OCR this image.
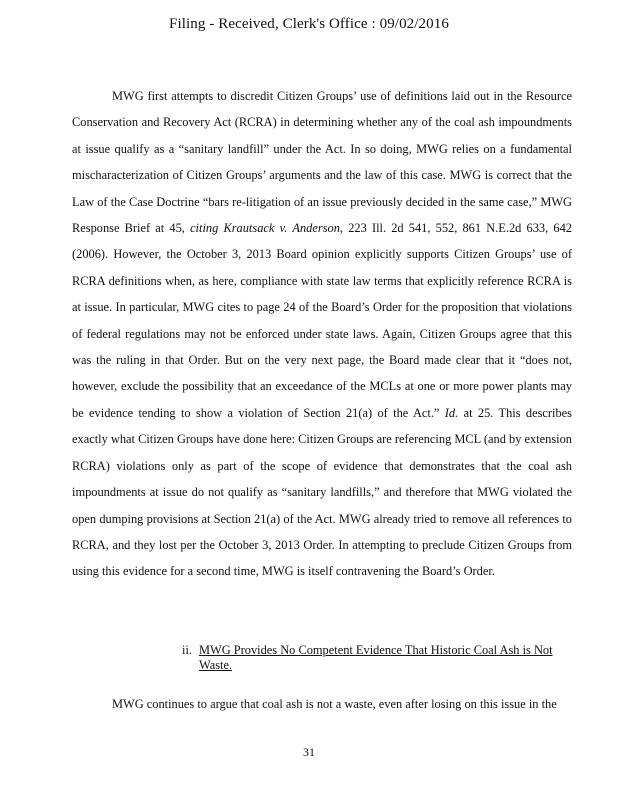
Filing - Received, Clerk's Office : 09/02/2016

MWG first attempts to discredit Citizen Groups’ use of definitions laid out in the Resource Conservation and Recovery Act (RCRA) in determining whether any of the coal ash impoundments at issue qualify as a “sanitary landfill” under the Act. In so doing, MWG relies on a fundamental mischaracterization of Citizen Groups’ arguments and the law of this case. MWG is correct that the Law of the Case Doctrine “bars re-litigation of an issue previously decided in the same case,” MWG Response Brief at 45, citing Krautsack v. Anderson, 223 Ill. 2d 541, 552, 861 N.E.2d 633, 642 (2006). However, the October 3, 2013 Board opinion explicitly supports Citizen Groups’ use of RCRA definitions when, as here, compliance with state law terms that explicitly reference RCRA is at issue. In particular, MWG cites to page 24 of the Board’s Order for the proposition that violations of federal regulations may not be enforced under state laws. Again, Citizen Groups agree that this was the ruling in that Order. But on the very next page, the Board made clear that it “does not, however, exclude the possibility that an exceedance of the MCLs at one or more power plants may be evidence tending to show a violation of Section 21(a) of the Act.” Id. at 25. This describes exactly what Citizen Groups have done here: Citizen Groups are referencing MCL (and by extension RCRA) violations only as part of the scope of evidence that demonstrates that the coal ash impoundments at issue do not qualify as “sanitary landfills,” and therefore that MWG violated the open dumping provisions at Section 21(a) of the Act. MWG already tried to remove all references to RCRA, and they lost per the October 3, 2013 Order. In attempting to preclude Citizen Groups from using this evidence for a second time, MWG is itself contravening the Board’s Order.

ii. MWG Provides No Competent Evidence That Historic Coal Ash is Not Waste.

MWG continues to argue that coal ash is not a waste, even after losing on this issue in the

31
